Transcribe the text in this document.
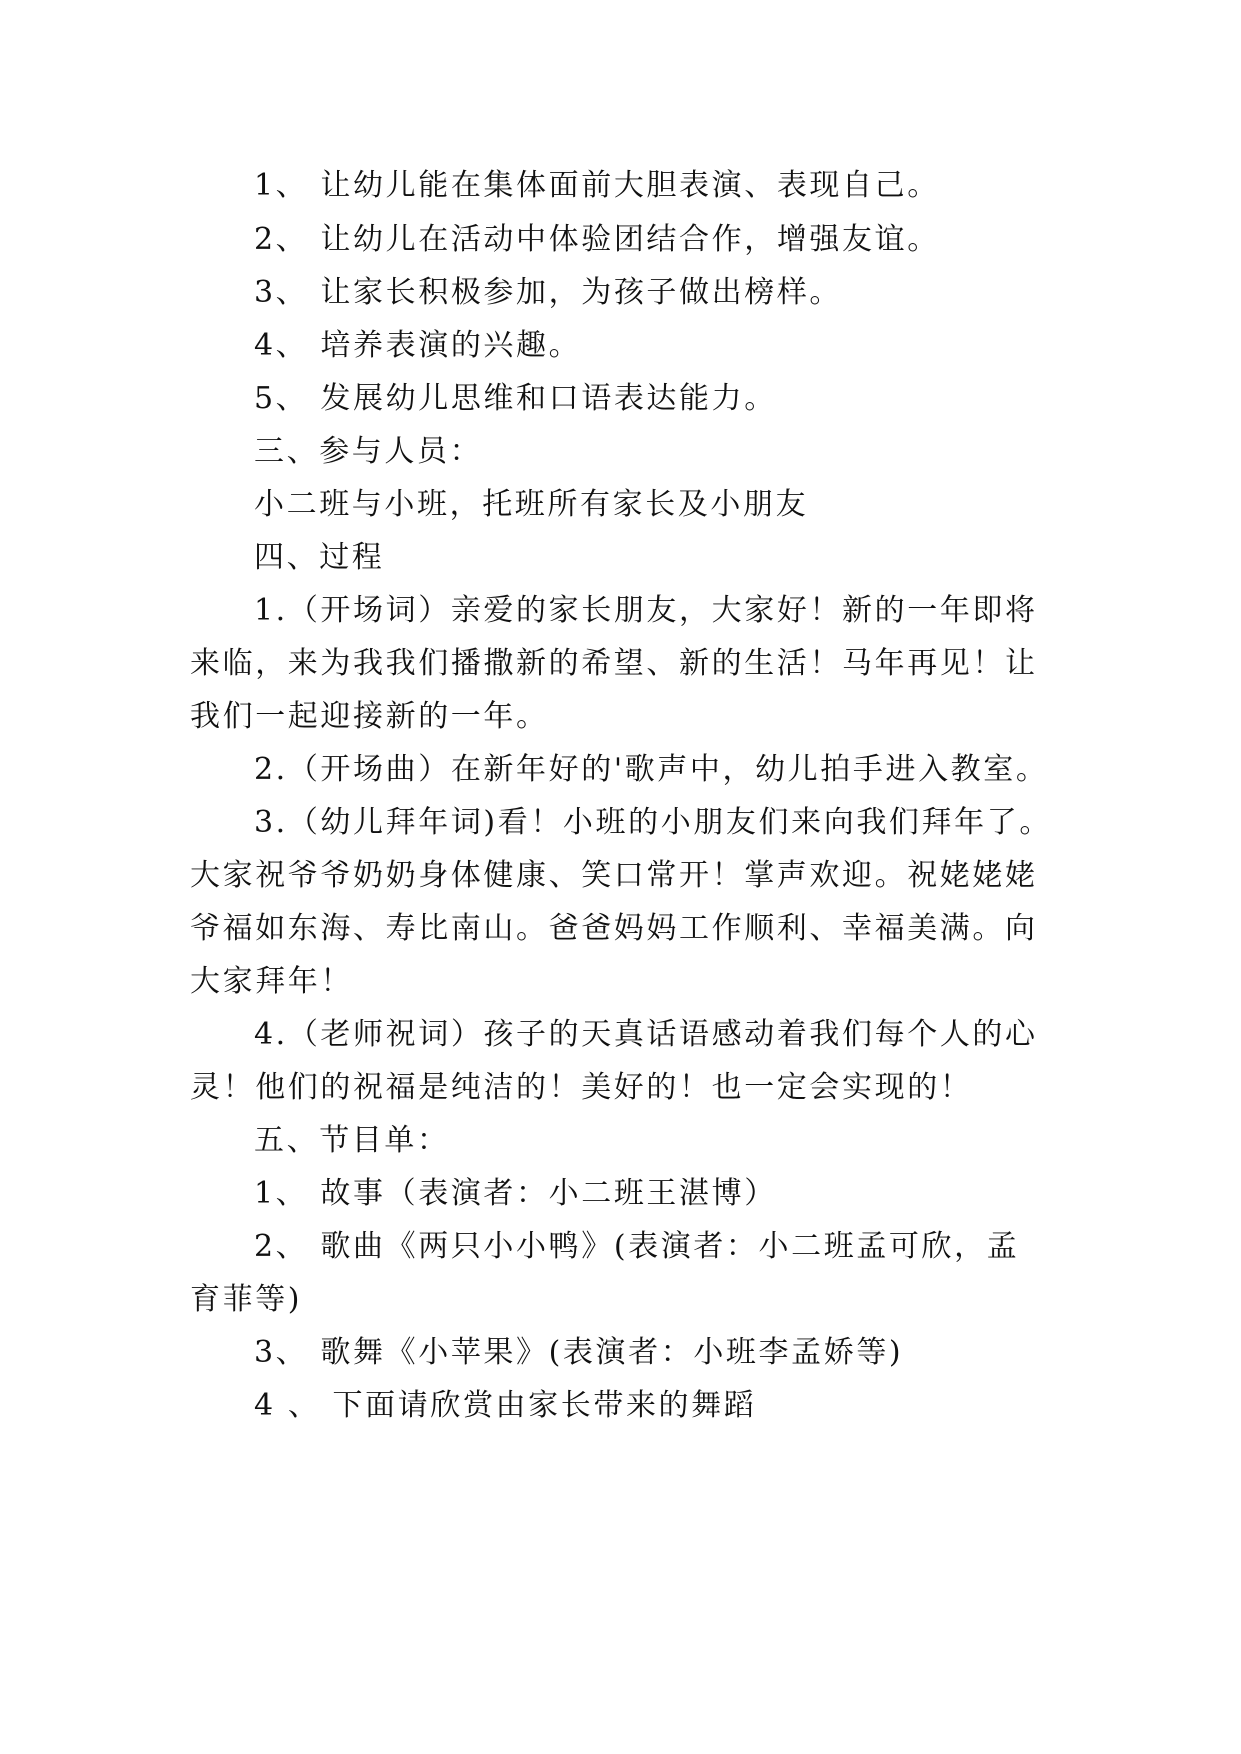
1、 让幼儿能在集体面前大胆表演、表现自己。
2、 让幼儿在活动中体验团结合作，增强友谊。
3、 让家长积极参加，为孩子做出榜样。
4、 培养表演的兴趣。
5、 发展幼儿思维和口语表达能力。
三、参与人员：
小二班与小班，托班所有家长及小朋友
四、过程
1.（开场词）亲爱的家长朋友，大家好！新的一年即将
来临，来为我我们播撒新的希望、新的生活！马年再见！让
我们一起迎接新的一年。
2.（开场曲）在新年好的'歌声中，幼儿拍手进入教室。
3.（幼儿拜年词)看！小班的小朋友们来向我们拜年了。
大家祝爷爷奶奶身体健康、笑口常开！掌声欢迎。祝姥姥姥
爷福如东海、寿比南山。爸爸妈妈工作顺利、幸福美满。向
大家拜年！
4.（老师祝词）孩子的天真话语感动着我们每个人的心
灵！他们的祝福是纯洁的！美好的！也一定会实现的！
五、节目单：
1、 故事（表演者：小二班王湛博）
2、 歌曲《两只小小鸭》(表演者：小二班孟可欣，孟
育菲等)
3、 歌舞《小苹果》(表演者：小班李孟娇等)
4 、 下面请欣赏由家长带来的舞蹈
